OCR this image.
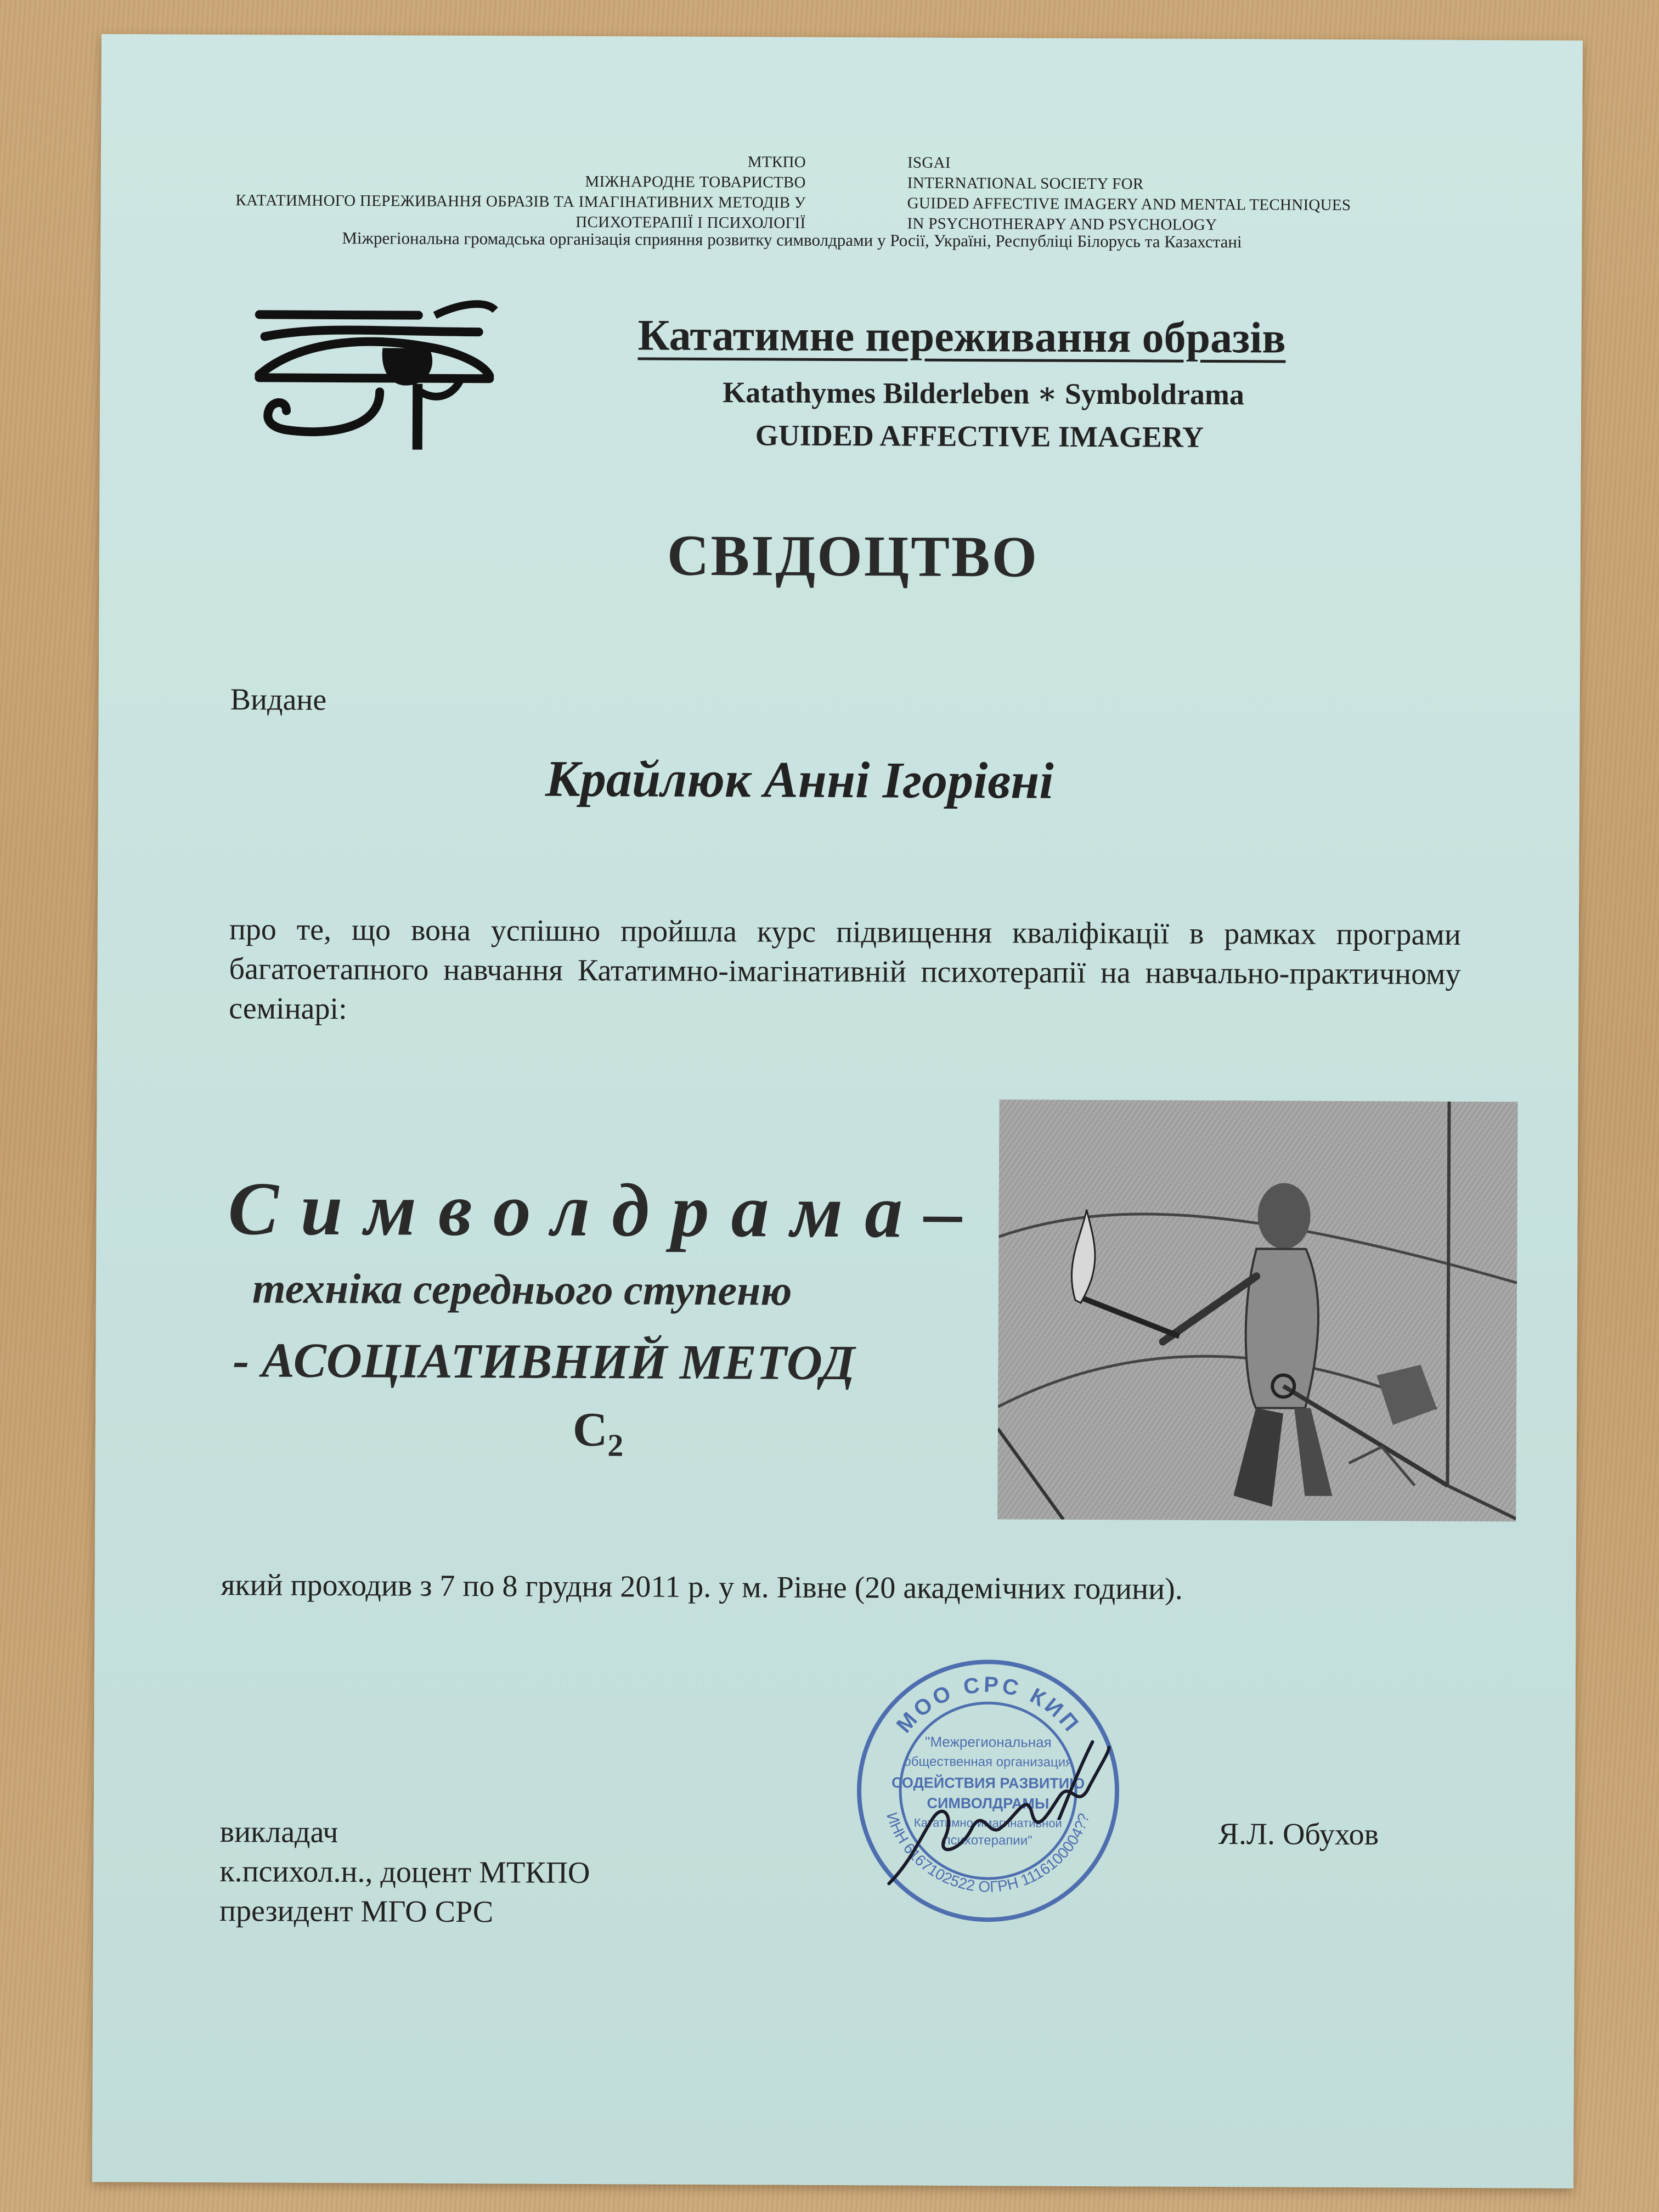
МТКПО
МІЖНАРОДНЕ ТОВАРИСТВО
КАТАТИМНОГО ПЕРЕЖИВАННЯ ОБРАЗІВ ТА ІМАГІНАТИВНИХ МЕТОДІВ У
ПСИХОТЕРАПІЇ І ПСИХОЛОГІЇ
ISGAI
INTERNATIONAL SOCIETY FOR
GUIDED AFFECTIVE IMAGERY AND MENTAL TECHNIQUES
IN PSYCHOTHERAPY AND PSYCHOLOGY
Міжрегіональна громадська організація сприяння розвитку символдрами у Росії, Україні, Республіці Білорусь та Казахстані
Кататимне переживання образів
Katathymes Bilderleben ∗ Symboldrama
GUIDED AFFECTIVE IMAGERY
СВІДОЦТВО
Видане
Крайлюк Анні Ігорівні
про те, що вона успішно пройшла курс підвищення кваліфікації в рамках програми багатоетапного навчання Кататимно-імагінативній психотерапії на навчально-практичному семінарі:
Символдрама–
техніка середнього ступеню
- АСОЦІАТИВНИЙ МЕТОД
$C_2$
який проходив з 7 по 8 грудня 2011 р. у м. Рівне (20 академічних години).
викладач
к.психол.н., доцент МТКПО
президент МГО СРС
Я.Л. Обухов
МОО СРС КИП
ИНН 6167102522 ОГРН 1116100004??
"Межрегиональная
общественная организация
СОДЕЙСТВИЯ РАЗВИТИЮ
СИМВОЛДРАМЫ
Кататимно-имагинативной
психотерапии"
